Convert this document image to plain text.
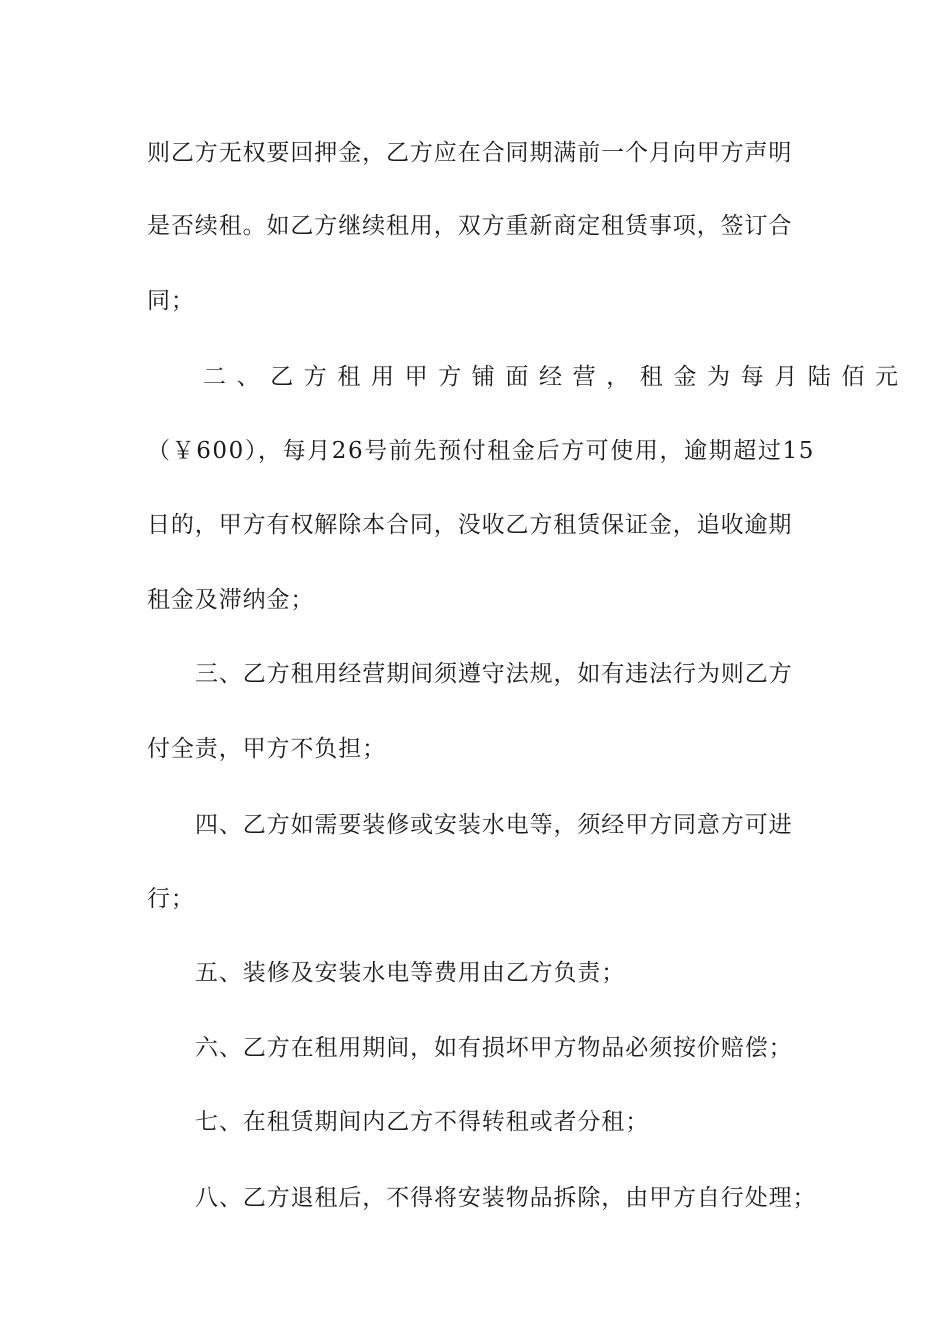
则乙方无权要回押金，乙方应在合同期满前一个月向甲方声明
是否续租。如乙方继续租用，双方重新商定租赁事项，签订合
同；
二、乙方租用甲方铺面经营，租金为每月陆佰元
（￥600），每月26号前先预付租金后方可使用，逾期超过15
日的，甲方有权解除本合同，没收乙方租赁保证金，追收逾期
租金及滞纳金；
三、乙方租用经营期间须遵守法规，如有违法行为则乙方
付全责，甲方不负担；
四、乙方如需要装修或安装水电等，须经甲方同意方可进
行；
五、装修及安装水电等费用由乙方负责；
六、乙方在租用期间，如有损坏甲方物品必须按价赔偿；
七、在租赁期间内乙方不得转租或者分租；
八、乙方退租后，不得将安装物品拆除，由甲方自行处理；
